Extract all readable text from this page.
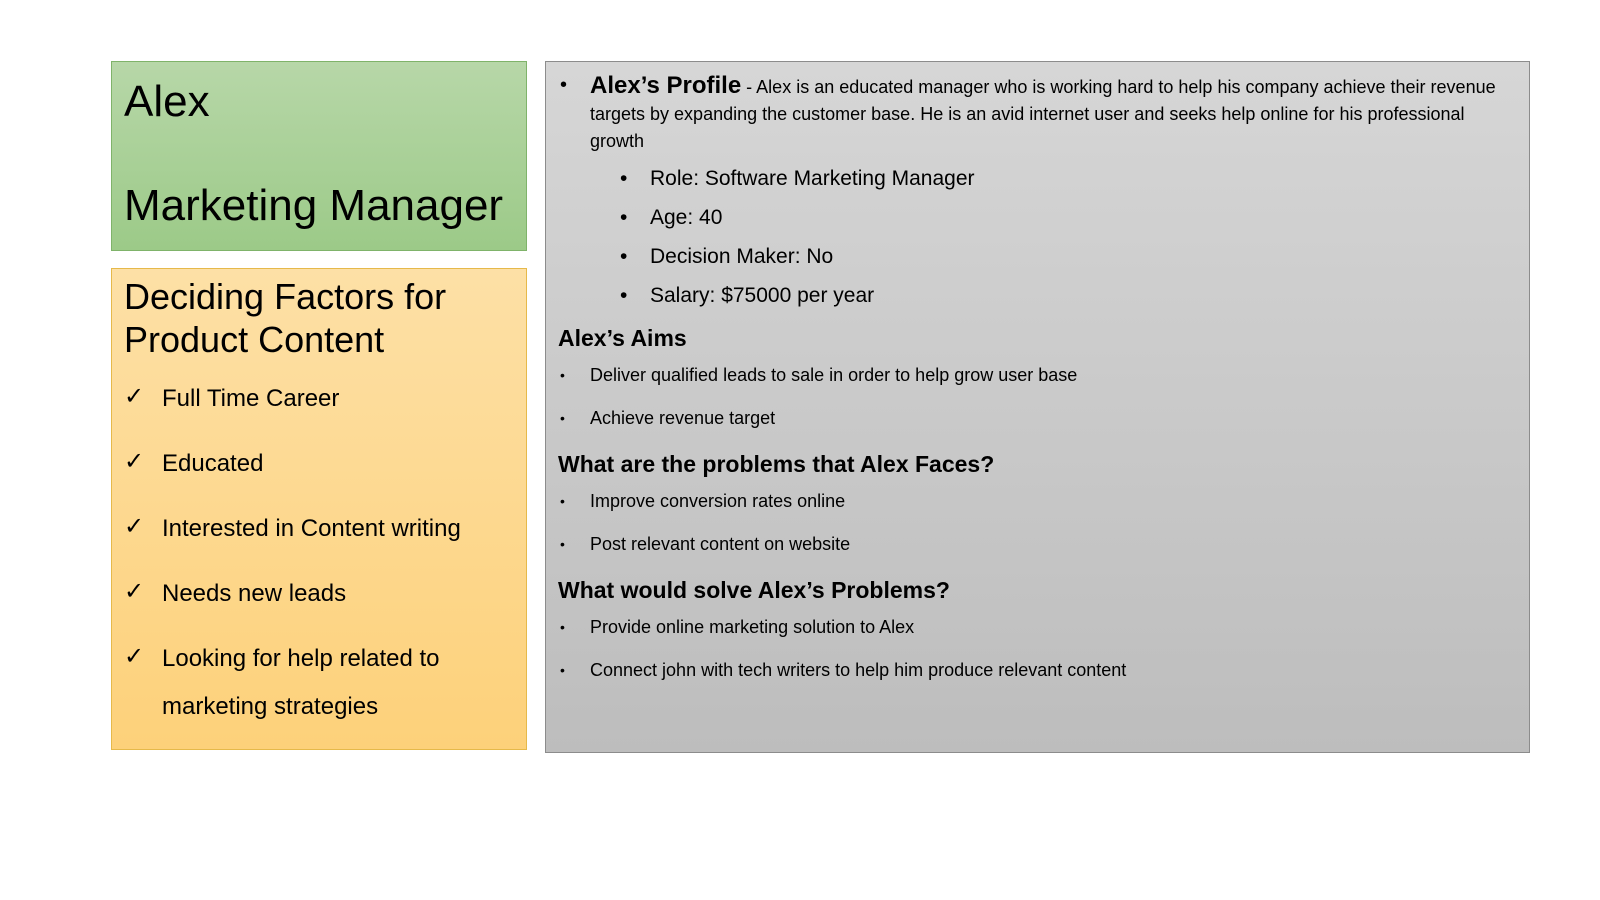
Alex

Marketing Manager

Deciding Factors for Product Content

✓ Full Time Career
✓ Educated
✓ Interested in Content writing
✓ Needs new leads
✓ Looking for help related to marketing strategies
• Alex’s Profile - Alex is an educated manager who is working hard to help his company achieve their revenue targets by expanding the customer base. He is an avid internet user and seeks help online for his professional growth
•	Role: Software Marketing Manager
•	Age: 40
•	Decision Maker: No
•	Salary: $75000 per year

Alex’s Aims

•	Deliver qualified leads to sale in order to help grow user base
•	Achieve revenue target

What are the problems that Alex Faces?

•	Improve conversion rates online
•	Post relevant content on website

What would solve Alex’s Problems?

•	Provide online marketing solution to Alex
•	Connect john with tech writers to help him produce relevant content
